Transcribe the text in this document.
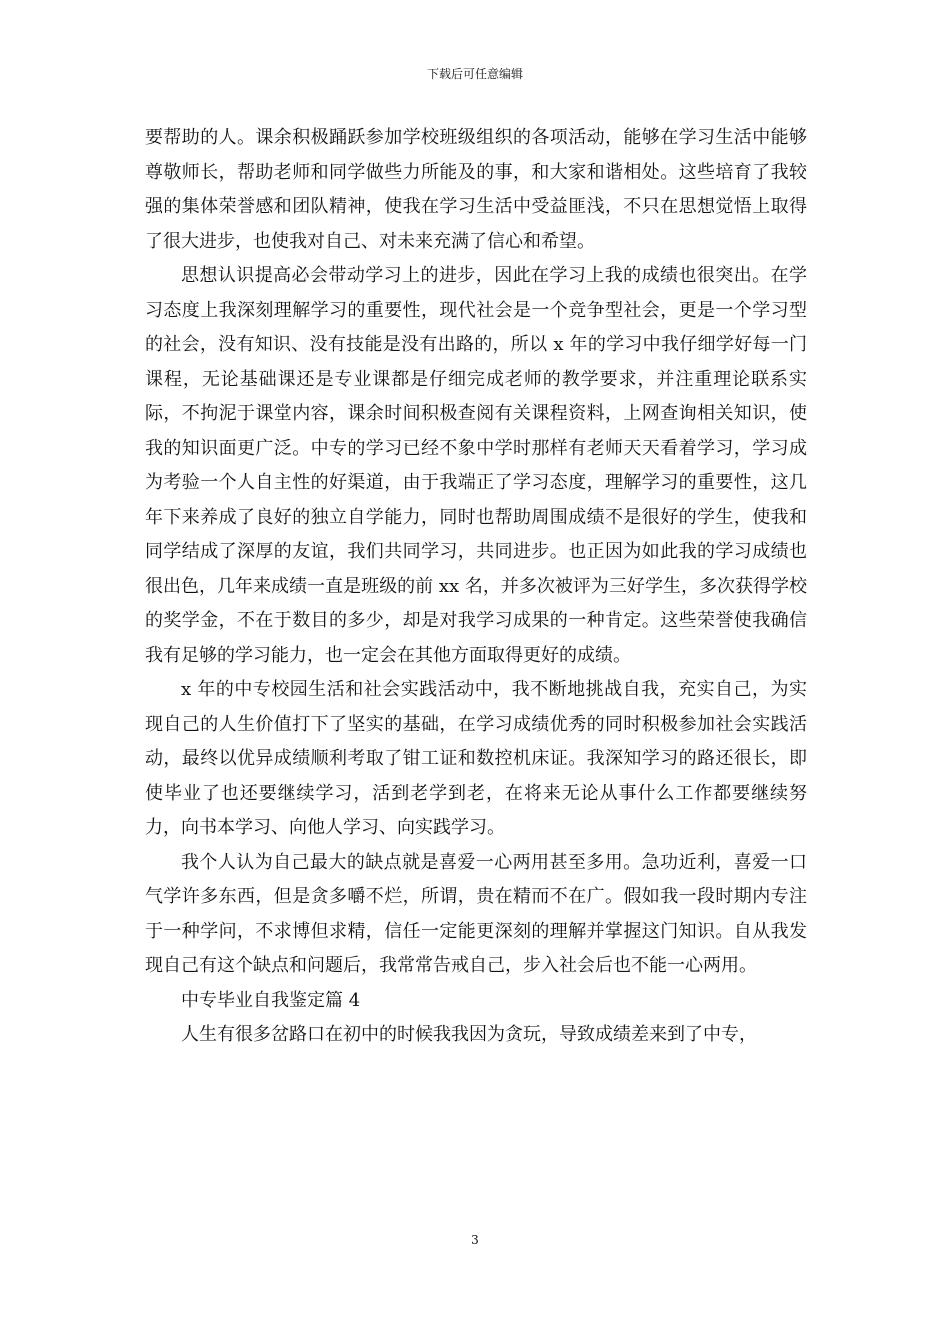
下载后可任意编辑

要帮助的人。课余积极踊跃参加学校班级组织的各项活动，能够在学习生活中能够尊敬师长，帮助老师和同学做些力所能及的事，和大家和谐相处。这些培育了我较强的集体荣誉感和团队精神，使我在学习生活中受益匪浅，不只在思想觉悟上取得了很大进步，也使我对自己、对未来充满了信心和希望。

思想认识提高必会带动学习上的进步，因此在学习上我的成绩也很突出。在学习态度上我深刻理解学习的重要性，现代社会是一个竞争型社会，更是一个学习型的社会，没有知识、没有技能是没有出路的，所以 x 年的学习中我仔细学好每一门课程，无论基础课还是专业课都是仔细完成老师的教学要求，并注重理论联系实际，不拘泥于课堂内容，课余时间积极查阅有关课程资料，上网查询相关知识，使我的知识面更广泛。中专的学习已经不象中学时那样有老师天天看着学习，学习成为考验一个人自主性的好渠道，由于我端正了学习态度，理解学习的重要性，这几年下来养成了良好的独立自学能力，同时也帮助周围成绩不是很好的学生，使我和同学结成了深厚的友谊，我们共同学习，共同进步。也正因为如此我的学习成绩也很出色，几年来成绩一直是班级的前 xx 名，并多次被评为三好学生，多次获得学校的奖学金，不在于数目的多少，却是对我学习成果的一种肯定。这些荣誉使我确信我有足够的学习能力，也一定会在其他方面取得更好的成绩。

x 年的中专校园生活和社会实践活动中，我不断地挑战自我，充实自己，为实现自己的人生价值打下了坚实的基础，在学习成绩优秀的同时积极参加社会实践活动，最终以优异成绩顺利考取了钳工证和数控机床证。我深知学习的路还很长，即使毕业了也还要继续学习，活到老学到老，在将来无论从事什么工作都要继续努力，向书本学习、向他人学习、向实践学习。

我个人认为自己最大的缺点就是喜爱一心两用甚至多用。急功近利，喜爱一口气学许多东西，但是贪多嚼不烂，所谓，贵在精而不在广。假如我一段时期内专注于一种学问，不求博但求精，信任一定能更深刻的理解并掌握这门知识。自从我发现自己有这个缺点和问题后，我常常告戒自己，步入社会后也不能一心两用。

中专毕业自我鉴定篇 4

人生有很多岔路口在初中的时候我我因为贪玩，导致成绩差来到了中专，

3
